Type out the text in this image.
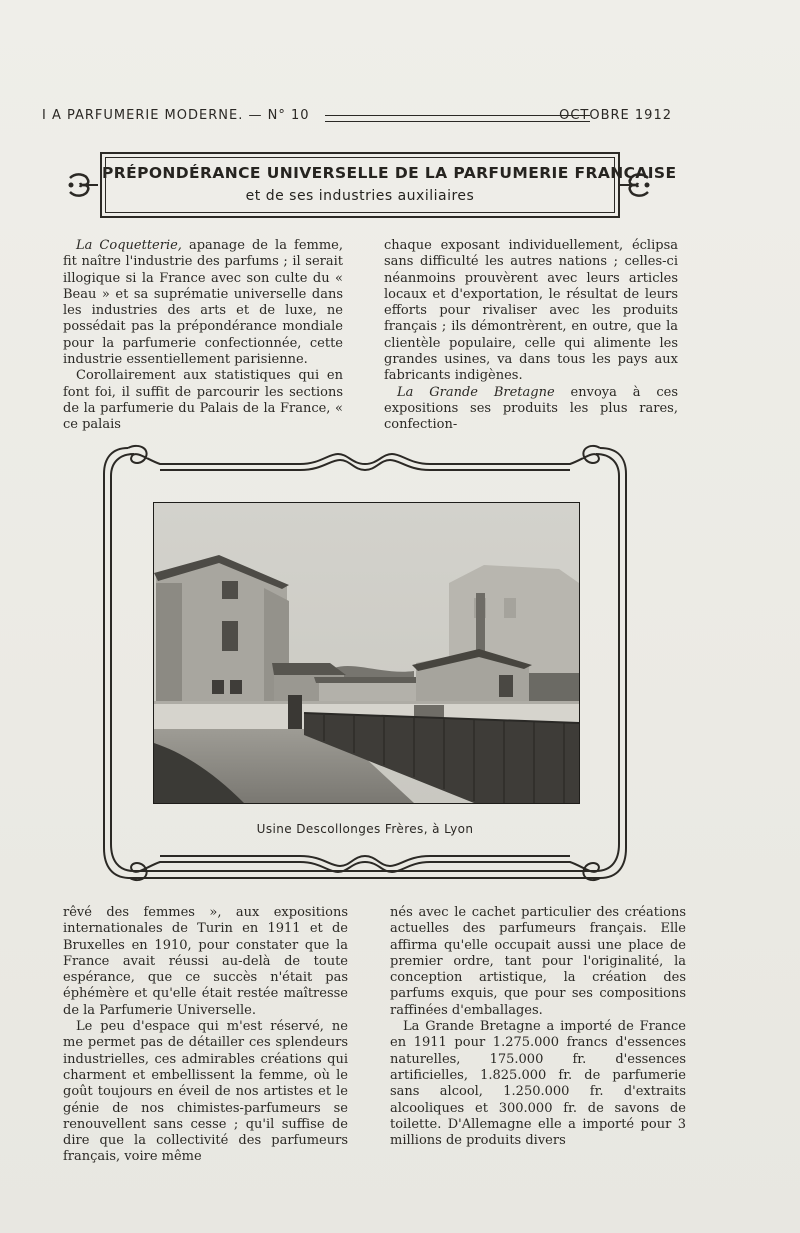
I A PARFUMERIE MODERNE. — N° 10	OCTOBRE 1912
PRÉPONDÉRANCE UNIVERSELLE DE LA PARFUMERIE FRANÇAISE
et de ses industries auxiliaires

La Coquetterie, apanage de la femme, fit naître l'industrie des parfums ; il serait illogique si la France avec son culte du « Beau » et sa suprématie universelle dans les industries des arts et de luxe, ne possédait pas la prépondérance mondiale pour la parfumerie confectionnée, cette industrie essentiellement parisienne.

Corollairement aux statistiques qui en font foi, il suffit de parcourir les sections de la parfumerie du Palais de la France, « ce palais

chaque exposant individuellement, éclipsa sans difficulté les autres nations ; celles-ci néanmoins prouvèrent avec leurs articles locaux et d'exportation, le résultat de leurs efforts pour rivaliser avec les produits français ; ils démontrèrent, en outre, que la clientèle populaire, celle qui alimente les grandes usines, va dans tous les pays aux fabricants indigènes.

La Grande Bretagne envoya à ces expositions ses produits les plus rares, confection-

Usine Descollonges Frères, à Lyon

rêvé des femmes », aux expositions internationales de Turin en 1911 et de Bruxelles en 1910, pour constater que la France avait réussi au-delà de toute espérance, que ce succès n'était pas éphémère et qu'elle était restée maîtresse de la Parfumerie Universelle.

Le peu d'espace qui m'est réservé, ne me permet pas de détailler ces splendeurs industrielles, ces admirables créations qui charment et embellissent la femme, où le goût toujours en éveil de nos artistes et le génie de nos chimistes-parfumeurs se renouvellent sans cesse ; qu'il suffise de dire que la collectivité des parfumeurs français, voire même

nés avec le cachet particulier des créations actuelles des parfumeurs français. Elle affirma qu'elle occupait aussi une place de premier ordre, tant pour l'originalité, la conception artistique, la création des parfums exquis, que pour ses compositions raffinées d'emballages.

La Grande Bretagne a importé de France en 1911 pour 1.275.000 francs d'essences naturelles, 175.000 fr. d'essences artificielles, 1.825.000 fr. de parfumerie sans alcool, 1.250.000 fr. d'extraits alcooliques et 300.000 fr. de savons de toilette. D'Allemagne elle a importé pour 3 millions de produits divers
